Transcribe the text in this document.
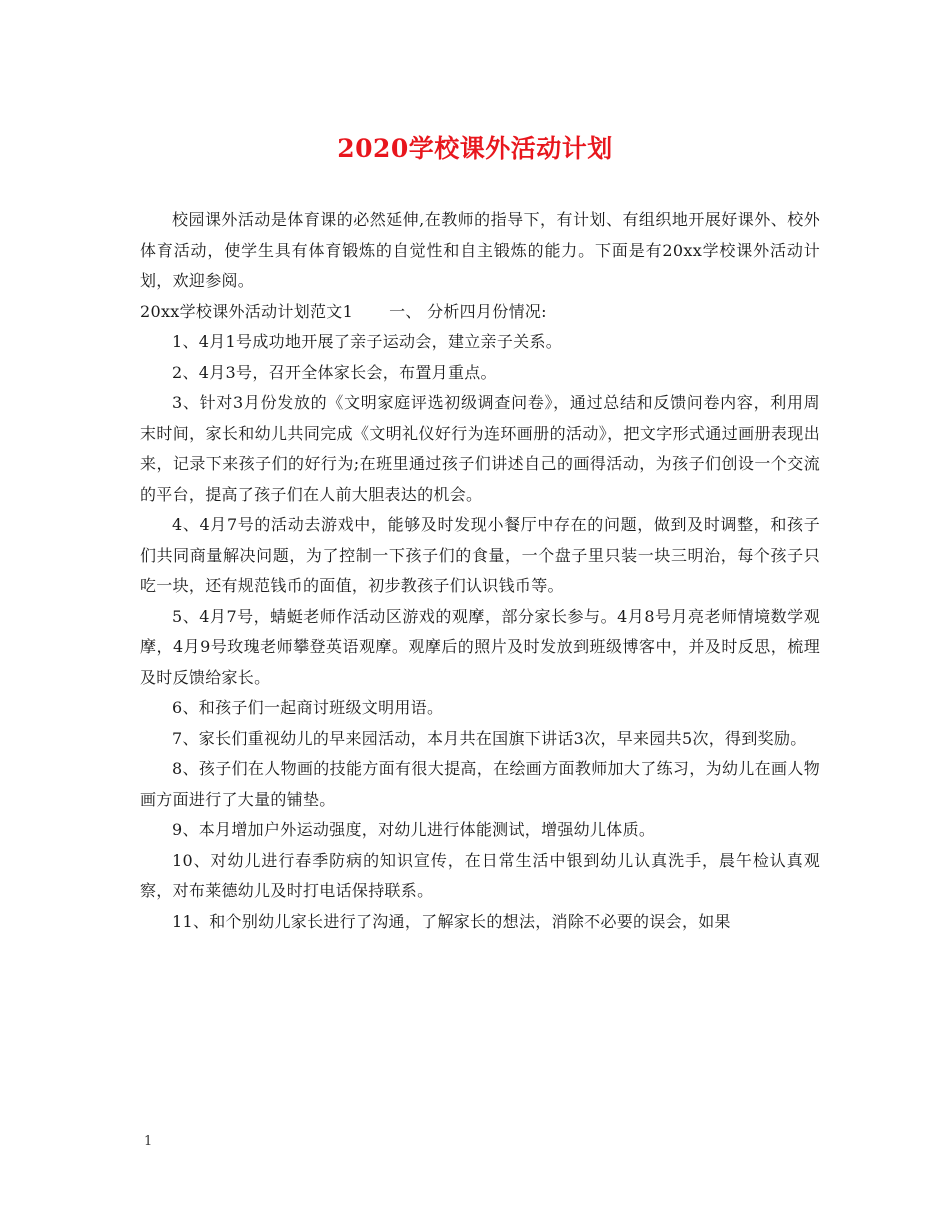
2020学校课外活动计划

校园课外活动是体育课的必然延伸,在教师的指导下，有计划、有组织地开展好课外、校外体育活动，使学生具有体育锻炼的自觉性和自主锻炼的能力。下面是有20xx学校课外活动计划，欢迎参阅。

20xx学校课外活动计划范文1 一、 分析四月份情况:

1、4月1号成功地开展了亲子运动会，建立亲子关系。

2、4月3号，召开全体家长会，布置月重点。

3、针对3月份发放的《文明家庭评选初级调查问卷》，通过总结和反馈问卷内容，利用周末时间，家长和幼儿共同完成《文明礼仪好行为连环画册的活动》，把文字形式通过画册表现出来，记录下来孩子们的好行为;在班里通过孩子们讲述自己的画得活动，为孩子们创设一个交流的平台，提高了孩子们在人前大胆表达的机会。

4、4月7号的活动去游戏中，能够及时发现小餐厅中存在的问题，做到及时调整，和孩子们共同商量解决问题，为了控制一下孩子们的食量，一个盘子里只装一块三明治，每个孩子只吃一块，还有规范钱币的面值，初步教孩子们认识钱币等。

5、4月7号，蜻蜓老师作活动区游戏的观摩，部分家长参与。4月8号月亮老师情境数学观摩，4月9号玫瑰老师攀登英语观摩。观摩后的照片及时发放到班级博客中，并及时反思，梳理及时反馈给家长。

6、和孩子们一起商讨班级文明用语。

7、家长们重视幼儿的早来园活动，本月共在国旗下讲话3次，早来园共5次，得到奖励。

8、孩子们在人物画的技能方面有很大提高，在绘画方面教师加大了练习，为幼儿在画人物画方面进行了大量的铺垫。

9、本月增加户外运动强度，对幼儿进行体能测试，增强幼儿体质。

10、对幼儿进行春季防病的知识宣传，在日常生活中银到幼儿认真洗手，晨午检认真观察，对布莱德幼儿及时打电话保持联系。

11、和个别幼儿家长进行了沟通，了解家长的想法，消除不必要的误会，如果

1
